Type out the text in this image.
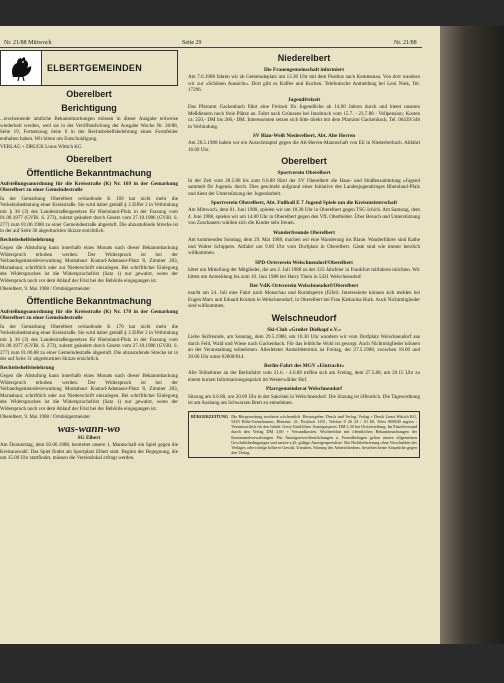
Nr. 21/88 Mittwoch	Seite 29	Nr. 21/88
ELBERTGEMEINDEN
Oberelbert
Berichtigung

...erscheinende amtliche Bekanntmachungen müssen in dieser Ausgabe teilweise wiederholt werden, weil sie in der Veröffentlichung der Ausgabe Woche Nr. 20/88, Seite 19, Fortsetzung Seite 6 in der Rechtsbehelfsbelehrung einen Formfehler enthalten haben. Wir bitten um Entschuldigung.

VERLAG + DRUCK Linus Wittich KG

Oberelbert
Öffentliche Bekanntmachung

Aufstellungsanordnung für die Kreisstraße (K) Nr. 169 in der Gemarkung Oberelbert zu einer Gemeindestraße

In der Gemarkung Oberelbert verlaufende K 169 hat nicht mehr die Verkehrsbedeutung einer Kreisstraße. Sie wird daher gemäß § 3 Ziffer 2 in Verbindung mit § 38 (3) des Landesstraßengesetzes für Rheinland-Pfalz in der Fassung vom 01.08.1977 (GVBl. S. 273), zuletzt geändert durch Gesetz vom 27.10.1986 (GVBl. S. 277) zum 01.06.1988 zu einer Gemeindestraße abgestuft. Die abzustufende Strecke ist in der auf Seite 30 abgedruckten Skizze ersichtlich.

Rechtsbehelfsbelehrung

Gegen die Abstufung kann innerhalb eines Monats nach dieser Bekanntmachung Widerspruch erhoben werden. Der Widerspruch ist bei der Verbandsgemeindeverwaltung Montabaur Konrad-Adenauer-Platz 8, Zimmer 203, Montabaur, schriftlich oder zur Niederschrift einzulegen. Bei schriftlicher Einlegung des Widerspruches ist die Widerspruchsfrist (Satz 1) nur gewahrt, wenn der Widerspruch noch vor dem Ablauf der Frist bei der Behörde eingegangen ist.

Oberelbert, 9. Mai 1988 / Ortsbürgermeister

Öffentliche Bekanntmachung

Aufstellungsanordnung für die Kreisstraße (K) Nr. 170 in der Gemarkung Oberelbert zu einer Gemeindestraße

In der Gemarkung Oberelbert verlaufende K 170 hat nicht mehr die Verkehrsbedeutung einer Kreisstraße. Sie wird daher gemäß § 3 Ziffer 2 in Verbindung mit § 38 (3) des Landesstraßengesetzes für Rheinland-Pfalz in der Fassung vom 01.08.1977 (GVBl. S. 273), zuletzt geändert durch Gesetz vom 27.10.1986 (GVBl. S. 277) zum 01.06.88 zu einer Gemeindestraße abgestuft. Die abzustufende Strecke ist in der auf Seite 31 abgedruckten Skizze ersichtlich.

Rechtsbehelfsbelehrung

Gegen die Abstufung kann innerhalb eines Monats nach dieser Bekanntmachung Widerspruch erhoben werden. Der Widerspruch ist bei der Verbandsgemeindeverwaltung Montabaur Konrad-Adenauer-Platz 8, Zimmer 203, Montabaur, schriftlich oder zur Niederschrift einzulegen. Bei schriftlicher Einlegung des Widerspruches ist die Widerspruchsfrist (Satz 1) nur gewahrt, wenn der Widerspruch noch vor dem Ablauf der Frist bei der Behörde eingegangen ist.

Oberelbert, 9. Mai 1988 / Ortsbürgermeister

was-wann-wo
SG Elbert

Am Donnerstag, dem 02.06.1988, bestreitet unsere 1. Mannschaft ein Spiel gegen die Kreisauswahl. Das Spiel findet am Sportplatz Elbert statt. Beginn der Begegnung, die um 15.00 Uhr stattfindet, müssen die Vereinslokal erfragt werden.

Niederelbert
Die Frauengemeinschaft informiert

Am 7.6.1988 fahren wir ab Gemeindeplatz um 13.30 Uhr mit dem Postbus nach Kemmenau. Von dort wandern wir zur »Schönen Aussicht«. Dort gibt es Kaffee und Kuchen. Telefonische Anmeldung bei Leni Nink, Tel. 17296.

Jugendfreizeit

Das Pfarramt Gackenbach führt eine Freizeit für Jugendliche ab 14.00 Jahren durch und bietet unseren Meßdienern noch freie Plätze an. Fahrt nach Grünzens bei Innsbruck vom 15.7. - 23.7.88 - Vollpension, Kosten ca. 250,- DM bis 260,- DM. Interessenten setzen sich bitte direkt mit dem Pfarramt Gackenbach, Tel. 06439/346 in Verbindung.

SV Blau-Weiß Niederelbert, Abt. Alte Herren

Am 28.5.1988 haben wir ein Auswärtsspiel gegen die Alt-Herren-Mannschaft von Eli in Niederberbach. Abfahrt 16.00 Uhr.

Oberelbert
Sportverein Oberelbert

In der Zeit vom 28.5.88 bis zum 6.6.88 führt der SV Oberelbert die Haus- und Straßensammlung »Jugend sammelt für Jugend« durch. Dies geschieht aufgrund einer Initiative des Landesjugendringes Rheinland-Pfalz und dient der Unterstützung der Jugendarbeit.

Sportverein Oberelbert, Abt. Fußball E 7 Jugend Spiele um die Kreismeisterschaft

Am Mittwoch, dem 01. Juni 1988, spielen wir um 18.30 Uhr in Oberelbert gegen TSG Ichich. Am Samstag, dem 4. Juni 1988, spielen wir um 14.00 Uhr in Oberelbert gegen den VfL Oberbieber. Über Besuch und Unterstützung von Zuschauern würden sich die Kinder sehr freuen.

Wanderfreunde Oberelbert

Am kommenden Sonntag, dem 29. Mai 1988, machen wir eine Wanderung ins Blaue. Wanderführer sind Kathe und Walter Schippers. Abfahrt um 9.00 Uhr vom Dorfplatz in Oberelbert. Gäste sind wie immer herzlich willkommen.

SPD-Ortsverein Welschneudorf/Oberelbert

bittet um Mitteilung der Mitglieder, die am 2. Juli 1988 zu der 125-Jahrfeier in Frankfurt mitfahren möchten. Wir bitten um Anmeldung bis zum 10. Juni 1988 bei Harry Thein in 5431 Welschneudorf.

Der VdK-Ortsverein Welschneudorf/Oberelbert

macht am 24. Juli eine Fahrt nach Monschau und Rurtalsperre (Eifel). Interessierte können sich melden bei Eugen Marx und Eduard Krumm in Welschneudorf, in Oberelbert bei Frau Katharina Burk. Auch Nichtmitglieder sind willkommen.

Welschneudorf
Ski-Club »Großer Dielkopf e.V.«

Liebe Skifreunde, am Sonntag, dem 29.5.1988, um 10.30 Uhr wandern wir vom Dorfplatz Welschneudorf aus durch Feld, Wald und Wiese nach Gackenbach. Für das leibliche Wohl ist gesorgt. Auch Nichtmitglieder können an der Veranstaltung teilnehmen. Allerletzter Anmeldetermin ist Freitag, der 27.5.1988, zwischen 18.00 und 20.00 Uhr unter 02608/814.

Berlin-Fahrt des MGV »Eintracht«

Alle Teilnehmer an der Berlinfahrt vom 21.6. - 4.6.88 treffen sich am Freitag, dem 27.5.88, um 20.15 Uhr zu einem kurzen Informationsgespräch im Westerwälder Hof.

Pfarrgemeinderat Welschneudorf

Sitzung am 6.6.88, um 20.00 Uhr in der Sakristei in Welschneudorf. Die Sitzung ist öffentlich. Die Tagesordnung ist am Aushang am Schwarzen Brett zu entnehmen.

BÜRGERZEITUNG Die Bürgerzeitung erscheint wöchentlich. Herausgeber, Druck und Verlag: Verlag + Druck Linus Wittich KG, 5410 Höhr-Grenzhausen, Rheinstr. 41, Postfach 1451, Telefon 0 26 24 / 10 60, Telex 869630 mgvin - Verantwortlich für den Inhalt: Gerry Knöllchen. Anzeigenpreis: DM 1,30 bei Ortsverteilung. Im Einzelversand durch den Verlag DM 3,60 + Versandkosten. Wochenblatt mit öffentlichen Bekanntmachungen der Kommunalverwaltungen. Für Anzeigenveröffentlichungen u. Fremdbeilagen gelten unsere allgemeinen Geschäftsbedingungen und unsere z.Zt. gültige Anzeigenpreisliste. Bei Nichtbelieferung ohne Verschulden des Verlages oder infolge höherer Gewalt, Unruhen, Störung des Arbeitsfriedens, bestehen keine Ansprüche gegen den Verlag.
